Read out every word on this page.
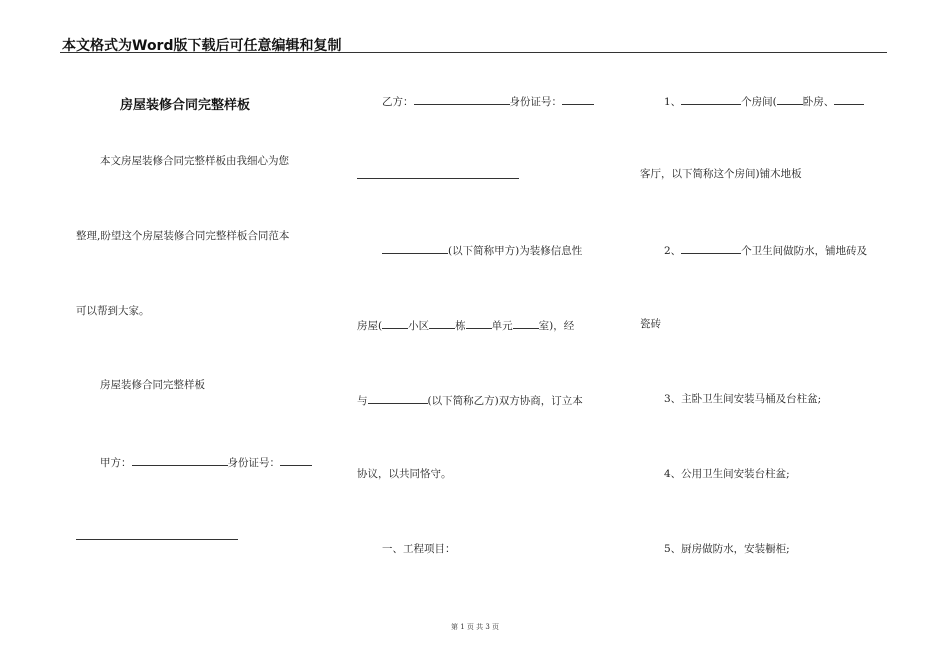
本文格式为Word版下载后可任意编辑和复制
房屋装修合同完整样板
本文房屋装修合同完整样板由我细心为您
整理,盼望这个房屋装修合同完整样板合同范本
可以帮到大家。
房屋装修合同完整样板
甲方：	身份证号：
乙方：	身份证号：
(以下简称甲方)为装修信息性
房屋( 小区 栋 单元 室)，经
与	(以下简称乙方)双方协商，订立本
协议，以共同恪守。
一、工程项目：
1、	个房间( 卧房、
客厅，以下简称这个房间)铺木地板
2、	个卫生间做防水，铺地砖及
瓷砖
3、主卧卫生间安装马桶及台柱盆;
4、公用卫生间安装台柱盆;
5、厨房做防水，安装橱柜;
第 1 页 共 3 页
